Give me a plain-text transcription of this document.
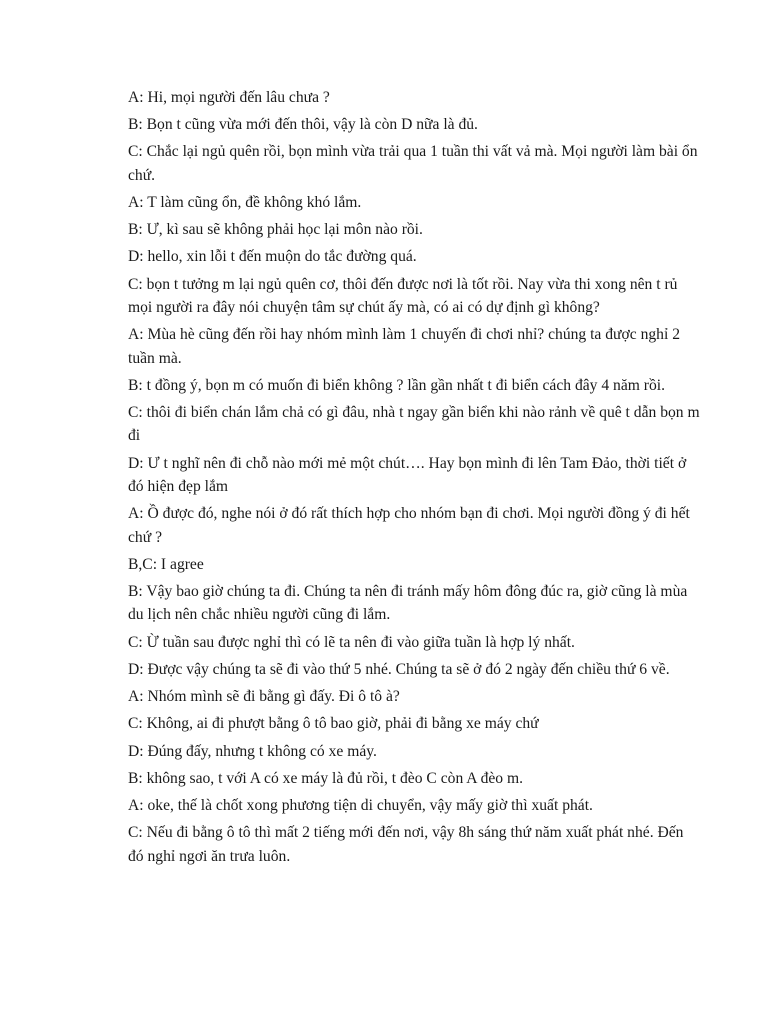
A: Hi, mọi người đến lâu chưa ?

B: Bọn t cũng vừa mới đến thôi, vậy là còn D nữa là đủ.

C: Chắc lại ngủ quên rồi, bọn mình vừa trải qua 1 tuần thi vất vả mà. Mọi người làm bài ổn chứ.

A: T làm cũng ổn, đề không khó lắm.

B: Ư, kì sau sẽ không phải học lại môn nào rồi.

D: hello, xin lỗi t đến muộn do tắc đường quá.

C: bọn t tưởng m lại ngủ quên cơ, thôi đến được nơi là tốt rồi. Nay vừa thi xong nên t rủ mọi người ra đây nói chuyện tâm sự chút ấy mà, có ai có dự định gì không?

A: Mùa hè cũng đến rồi hay nhóm mình làm 1 chuyến đi chơi nhỉ? chúng ta được nghỉ 2 tuần mà.

B: t đồng ý, bọn m có muốn đi biển không ? lần gần nhất t đi biển cách đây 4 năm rồi.

C: thôi đi biển chán lắm chả có gì đâu, nhà t ngay gần biển khi nào rảnh về quê t dẫn bọn m đi

D: Ư t nghĩ nên đi chỗ nào mới mẻ một chút…. Hay bọn mình đi lên Tam Đảo, thời tiết ở đó hiện đẹp lắm

A: Ồ được đó, nghe nói ở đó rất thích hợp cho nhóm bạn đi chơi. Mọi người đồng ý đi hết chứ ?

B,C: I agree

B: Vậy bao giờ chúng ta đi. Chúng ta nên đi tránh mấy hôm đông đúc ra, giờ cũng là mùa du lịch nên chắc nhiều người cũng đi lắm.

C: Ừ tuần sau được nghỉ thì có lẽ ta nên đi vào giữa tuần là hợp lý nhất.

D: Được vậy chúng ta sẽ đi vào thứ 5 nhé. Chúng ta sẽ ở đó 2 ngày đến chiều thứ 6 về.

A: Nhóm mình sẽ đi bằng gì đấy. Đi ô tô à?

C: Không, ai đi phượt bằng ô tô bao giờ, phải đi bằng xe máy chứ

D: Đúng đấy, nhưng t không có xe máy.

B: không sao, t với A có xe máy là đủ rồi, t đèo C còn A đèo m.

A: oke, thế là chốt xong phương tiện di chuyển, vậy mấy giờ thì xuất phát.

C: Nếu đi bằng ô tô thì mất 2 tiếng mới đến nơi, vậy 8h sáng thứ năm xuất phát nhé. Đến đó nghỉ ngơi ăn trưa luôn.
